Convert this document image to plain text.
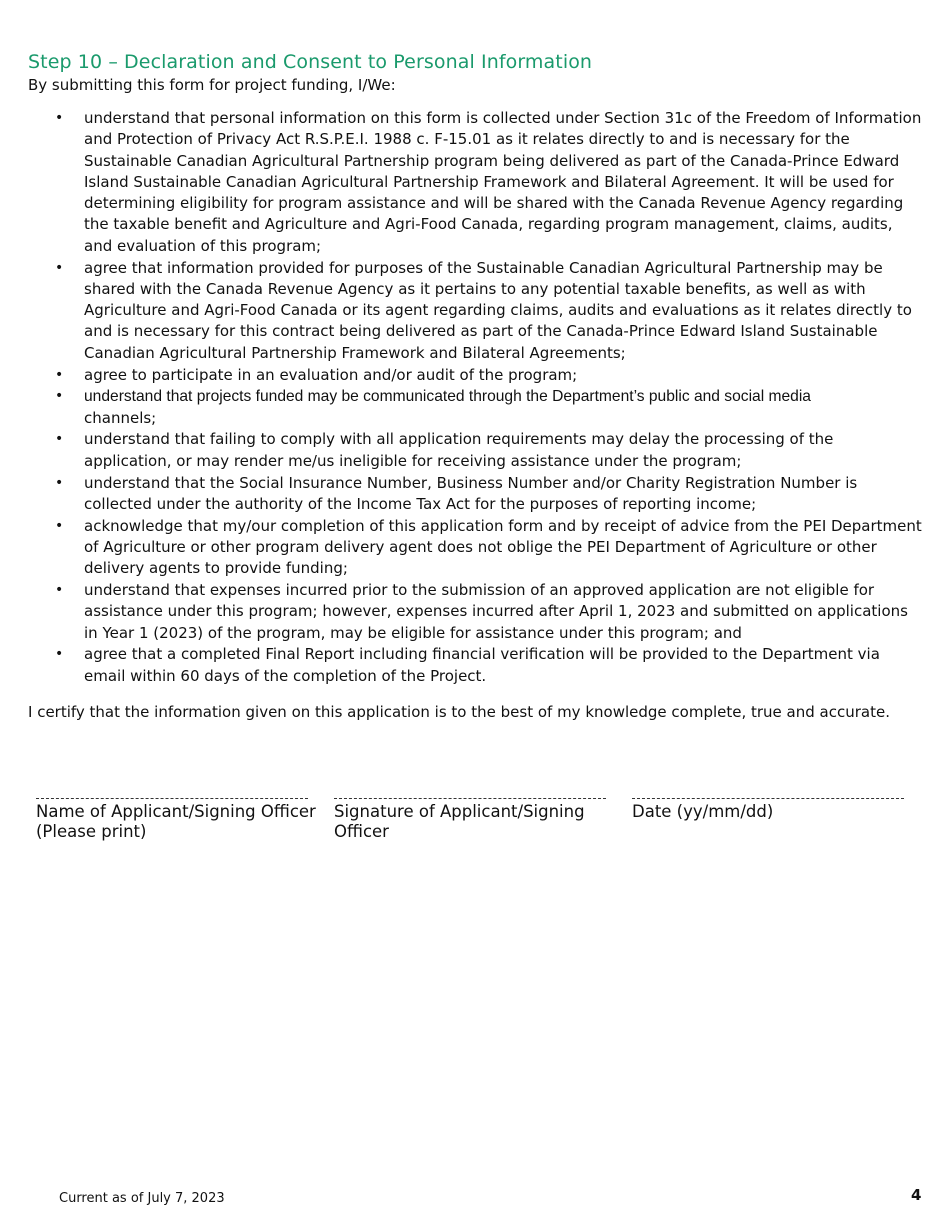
Step 10 – Declaration and Consent to Personal Information
By submitting this form for project funding, I/We:
• understand that personal information on this form is collected under Section 31c of the Freedom of Information and Protection of Privacy Act R.S.P.E.I. 1988 c. F-15.01 as it relates directly to and is necessary for the Sustainable Canadian Agricultural Partnership program being delivered as part of the Canada-Prince Edward Island Sustainable Canadian Agricultural Partnership Framework and Bilateral Agreement. It will be used for determining eligibility for program assistance and will be shared with the Canada Revenue Agency regarding the taxable benefit and Agriculture and Agri-Food Canada, regarding program management, claims, audits, and evaluation of this program;
• agree that information provided for purposes of the Sustainable Canadian Agricultural Partnership may be shared with the Canada Revenue Agency as it pertains to any potential taxable benefits, as well as with Agriculture and Agri-Food Canada or its agent regarding claims, audits and evaluations as it relates directly to and is necessary for this contract being delivered as part of the Canada-Prince Edward Island Sustainable Canadian Agricultural Partnership Framework and Bilateral Agreements;
• agree to participate in an evaluation and/or audit of the program;
• understand that projects funded may be communicated through the Department’s public and social media
channels;
• understand that failing to comply with all application requirements may delay the processing of the application, or may render me/us ineligible for receiving assistance under the program;
• understand that the Social Insurance Number, Business Number and/or Charity Registration Number is collected under the authority of the Income Tax Act for the purposes of reporting income;
• acknowledge that my/our completion of this application form and by receipt of advice from the PEI Department of Agriculture or other program delivery agent does not oblige the PEI Department of Agriculture or other delivery agents to provide funding;
• understand that expenses incurred prior to the submission of an approved application are not eligible for assistance under this program; however, expenses incurred after April 1, 2023 and submitted on applications in Year 1 (2023) of the program, may be eligible for assistance under this program; and
• agree that a completed Final Report including financial verification will be provided to the Department via email within 60 days of the completion of the Project.
I certify that the information given on this application is to the best of my knowledge complete, true and accurate.
Name of Applicant/Signing Officer
(Please print)
Signature of Applicant/Signing
Officer
Date (yy/mm/dd)
Current as of July 7, 2023	4
